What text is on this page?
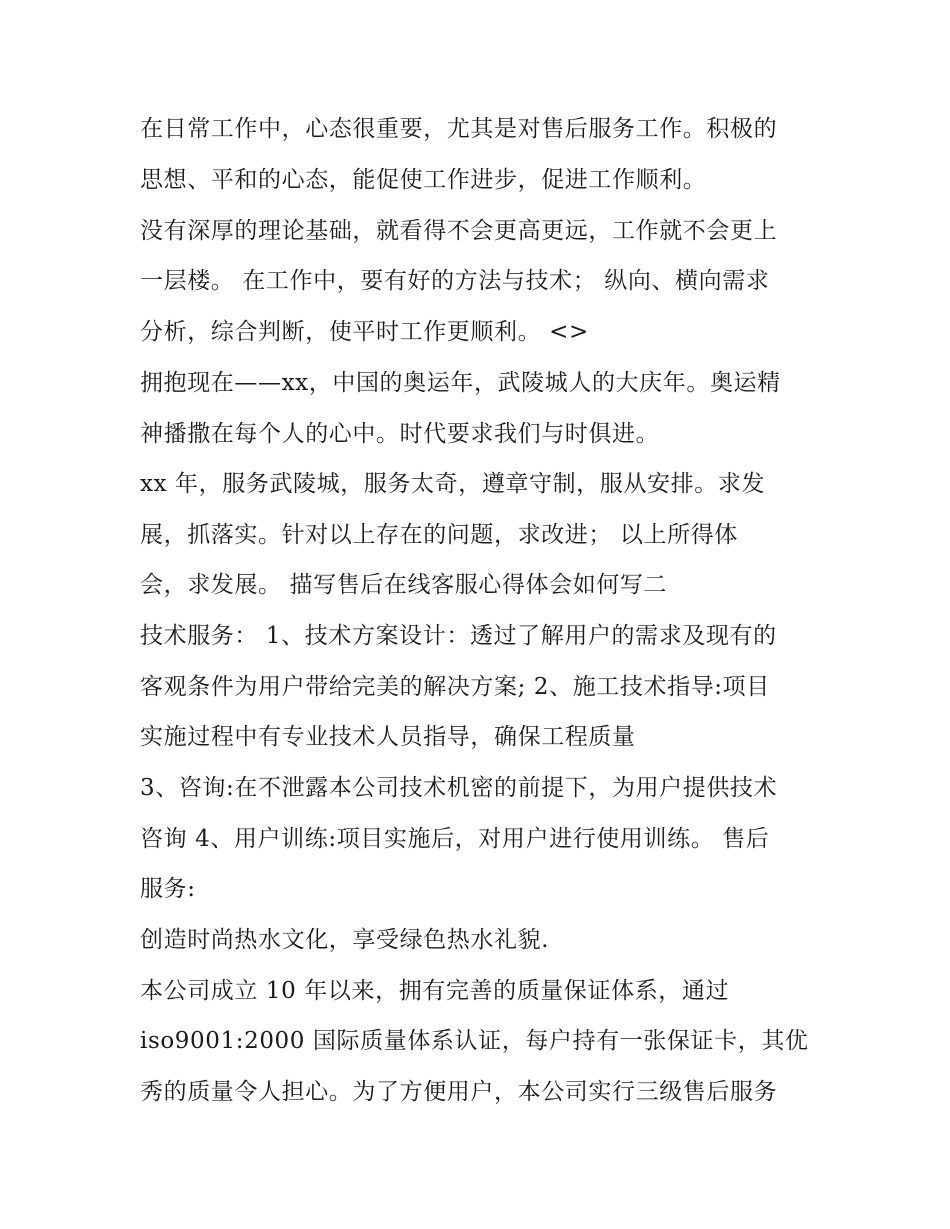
在日常工作中，心态很重要，尤其是对售后服务工作。积极的
思想、平和的心态，能促使工作进步，促进工作顺利。
没有深厚的理论基础，就看得不会更高更远，工作就不会更上
一层楼。 在工作中，要有好的方法与技术； 纵向、横向需求
分析，综合判断，使平时工作更顺利。 <>
拥抱现在——xx，中国的奥运年，武陵城人的大庆年。奥运精
神播撒在每个人的心中。时代要求我们与时俱进。
xx 年，服务武陵城，服务太奇，遵章守制，服从安排。求发
展，抓落实。针对以上存在的问题，求改进； 以上所得体
会，求发展。 描写售后在线客服心得体会如何写二
技术服务： 1、技术方案设计：透过了解用户的需求及现有的
客观条件为用户带给完美的解决方案; 2、施工技术指导:项目
实施过程中有专业技术人员指导，确保工程质量
3、咨询:在不泄露本公司技术机密的前提下，为用户提供技术
咨询 4、用户训练:项目实施后，对用户进行使用训练。 售后
服务:
创造时尚热水文化，享受绿色热水礼貌.
本公司成立 10 年以来，拥有完善的质量保证体系，通过
iso9001:2000 国际质量体系认证，每户持有一张保证卡，其优
秀的质量令人担心。为了方便用户，本公司实行三级售后服务
